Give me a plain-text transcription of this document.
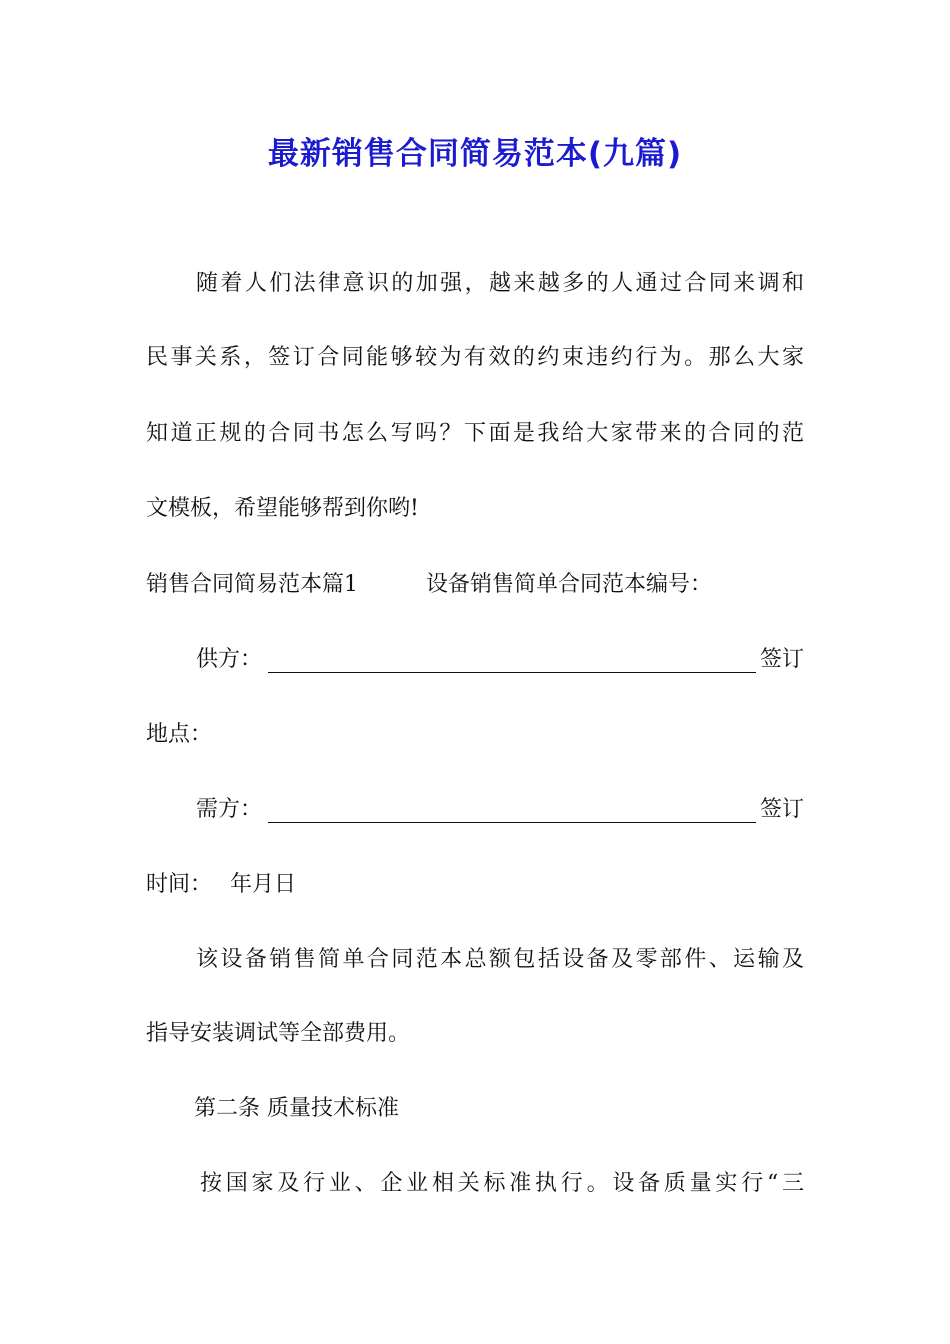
最新销售合同简易范本(九篇)
随着人们法律意识的加强，越来越多的人通过合同来调和
民事关系，签订合同能够较为有效的约束违约行为。那么大家
知道正规的合同书怎么写吗？下面是我给大家带来的合同的范
文模板，希望能够帮到你哟!
销售合同简易范本篇1	设备销售简单合同范本编号：
供方：	签订
地点：
需方：	签订
时间： 年月日
该设备销售简单合同范本总额包括设备及零部件、运输及
指导安装调试等全部费用。
第二条 质量技术标准
按国家及行业、企业相关标准执行。设备质量实行“三
